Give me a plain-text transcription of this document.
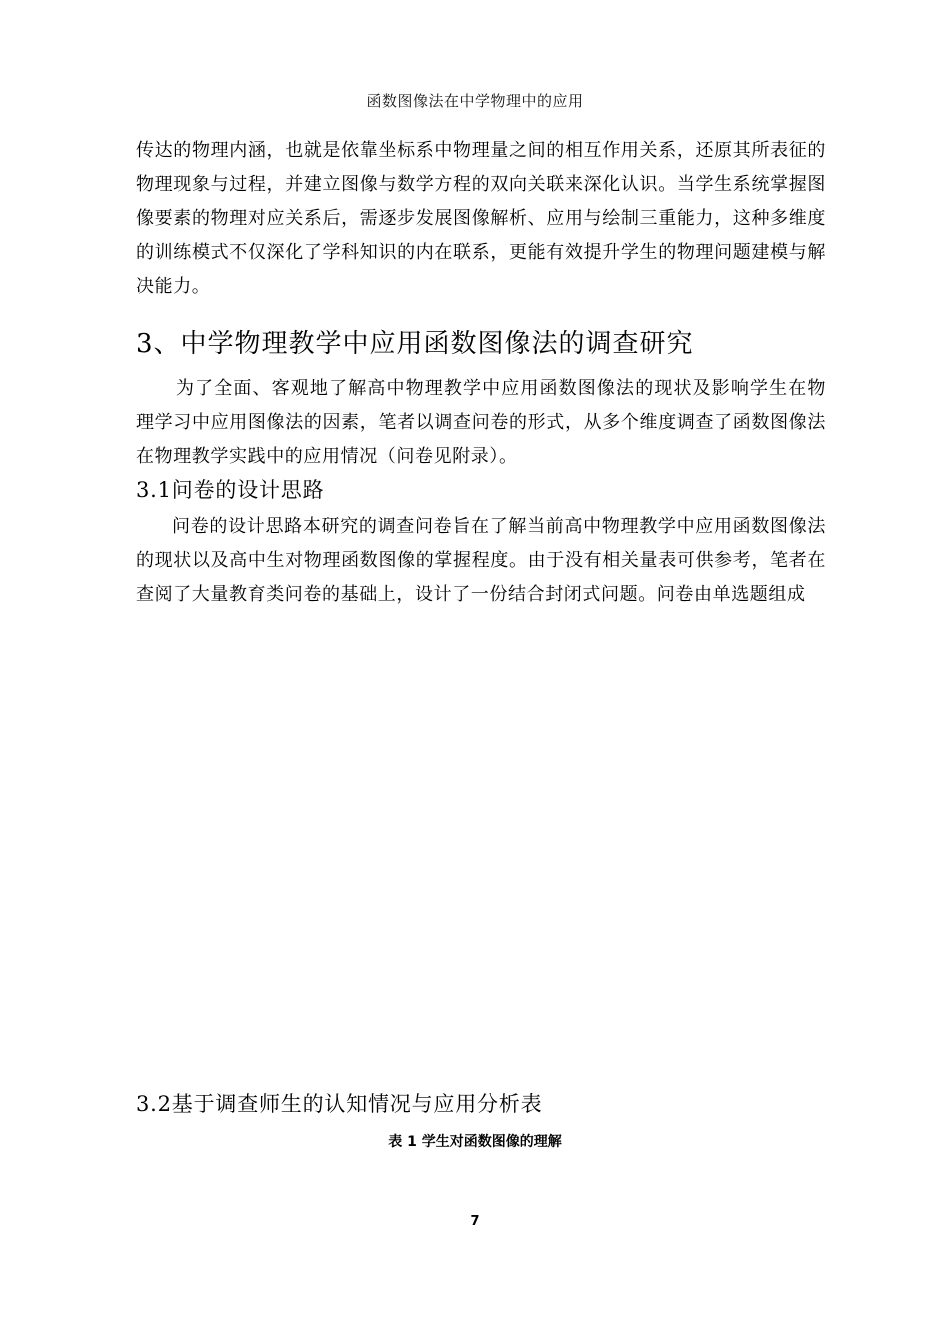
函数图像法在中学物理中的应用

传达的物理内涵，也就是依靠坐标系中物理量之间的相互作用关系，还原其所表征的物理现象与过程，并建立图像与数学方程的双向关联来深化认识。当学生系统掌握图像要素的物理对应关系后，需逐步发展图像解析、应用与绘制三重能力，这种多维度的训练模式不仅深化了学科知识的内在联系，更能有效提升学生的物理问题建模与解决能力。

3、中学物理教学中应用函数图像法的调查研究

为了全面、客观地了解高中物理教学中应用函数图像法的现状及影响学生在物理学习中应用图像法的因素，笔者以调查问卷的形式，从多个维度调查了函数图像法在物理教学实践中的应用情况（问卷见附录）。

3.1问卷的设计思路

问卷的设计思路本研究的调查问卷旨在了解当前高中物理教学中应用函数图像法的现状以及高中生对物理函数图像的掌握程度。由于没有相关量表可供参考，笔者在查阅了大量教育类问卷的基础上，设计了一份结合封闭式问题。问卷由单选题组成

3.2基于调查师生的认知情况与应用分析表
表 1 学生对函数图像的理解
7
